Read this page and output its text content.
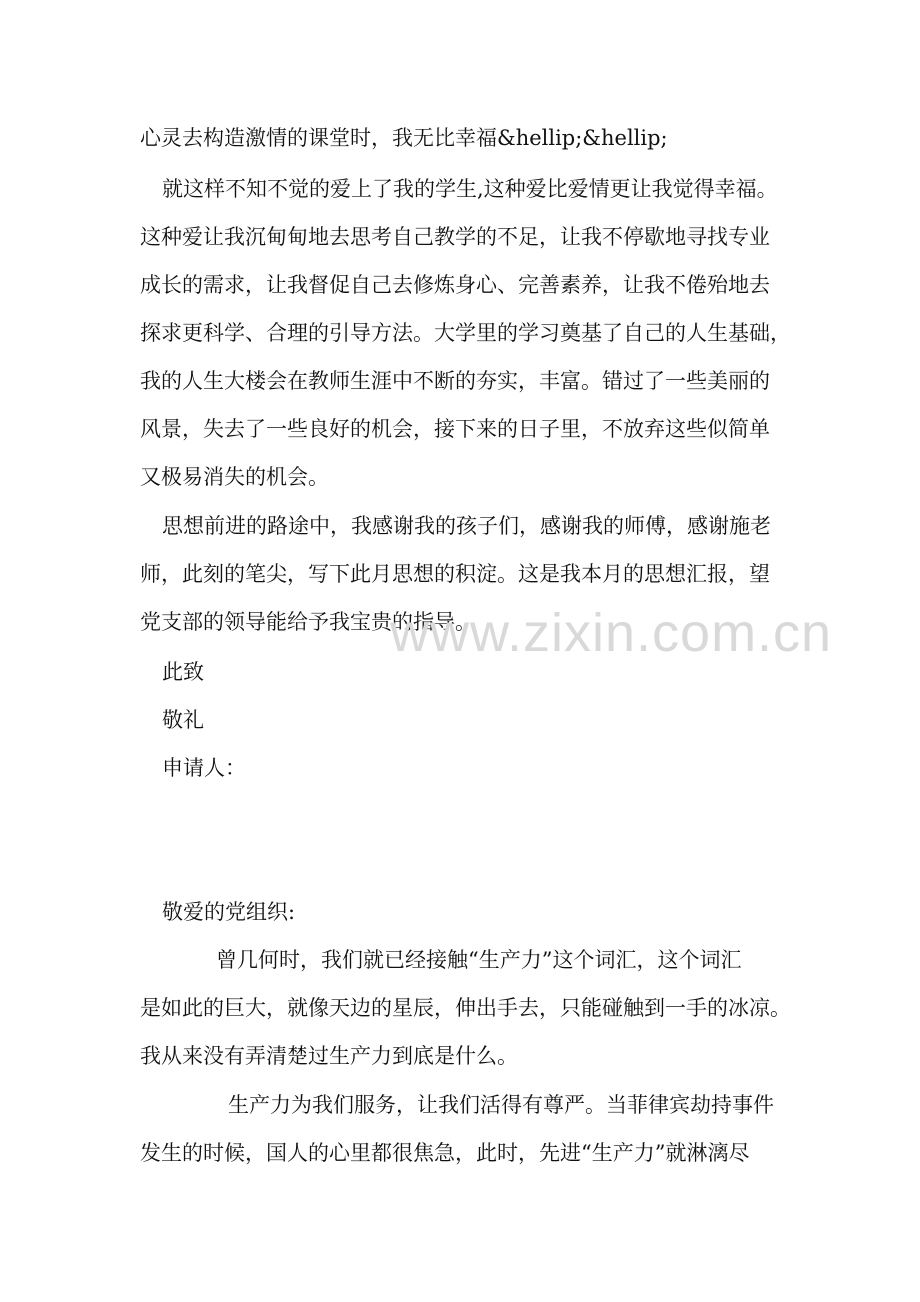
心灵去构造激情的课堂时，我无比幸福&hellip;&hellip;
就这样不知不觉的爱上了我的学生,这种爱比爱情更让我觉得幸福。
这种爱让我沉甸甸地去思考自己教学的不足，让我不停歇地寻找专业
成长的需求，让我督促自己去修炼身心、完善素养，让我不倦殆地去
探求更科学、合理的引导方法。大学里的学习奠基了自己的人生基础，
我的人生大楼会在教师生涯中不断的夯实，丰富。错过了一些美丽的
风景，失去了一些良好的机会，接下来的日子里，不放弃这些似简单
又极易消失的机会。
思想前进的路途中，我感谢我的孩子们，感谢我的师傅，感谢施老
师，此刻的笔尖，写下此月思想的积淀。这是我本月的思想汇报，望
党支部的领导能给予我宝贵的指导。
此致
敬礼
申请人：
敬爱的党组织:
曾几何时，我们就已经接触“生产力”这个词汇，这个词汇
是如此的巨大，就像天边的星辰，伸出手去，只能碰触到一手的冰凉。
我从来没有弄清楚过生产力到底是什么。
生产力为我们服务，让我们活得有尊严。当菲律宾劫持事件
发生的时候，国人的心里都很焦急，此时，先进“生产力”就淋漓尽
www.zixin.com.cn
